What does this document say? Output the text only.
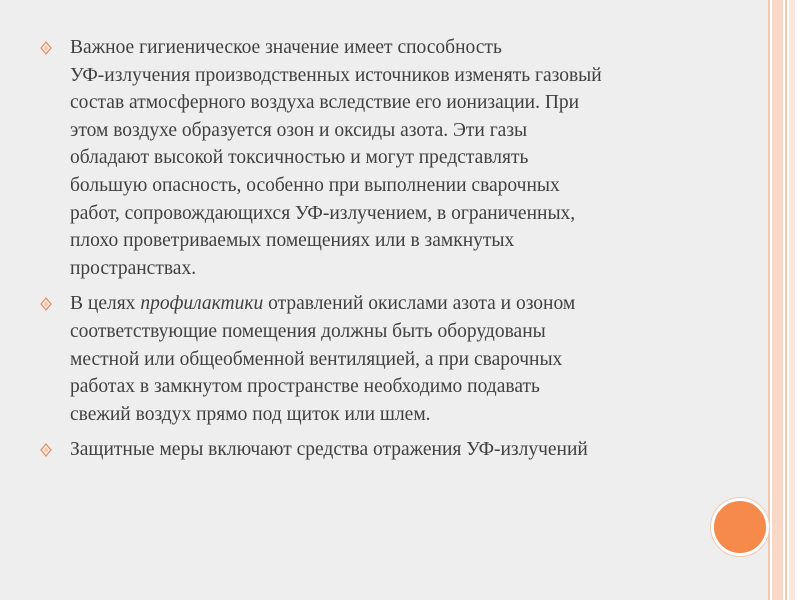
Важное гигиеническое значение имеет способность
УФ-излучения производственных источников изменять газовый
состав атмосферного воздуха вследствие его ионизации. При
этом воздухе образуется озон и оксиды азота. Эти газы
обладают высокой токсичностью и могут представлять
большую опасность, особенно при выполнении сварочных
работ, сопровождающихся УФ-излучением, в ограниченных,
плохо проветриваемых помещениях или в замкнутых
пространствах.
В целях профилактики отравлений окислами азота и озоном
соответствующие помещения должны быть оборудованы
местной или общеобменной вентиляцией, а при сварочных
работах в замкнутом пространстве необходимо подавать
свежий воздух прямо под щиток или шлем.
Защитные меры включают средства отражения УФ-излучений
